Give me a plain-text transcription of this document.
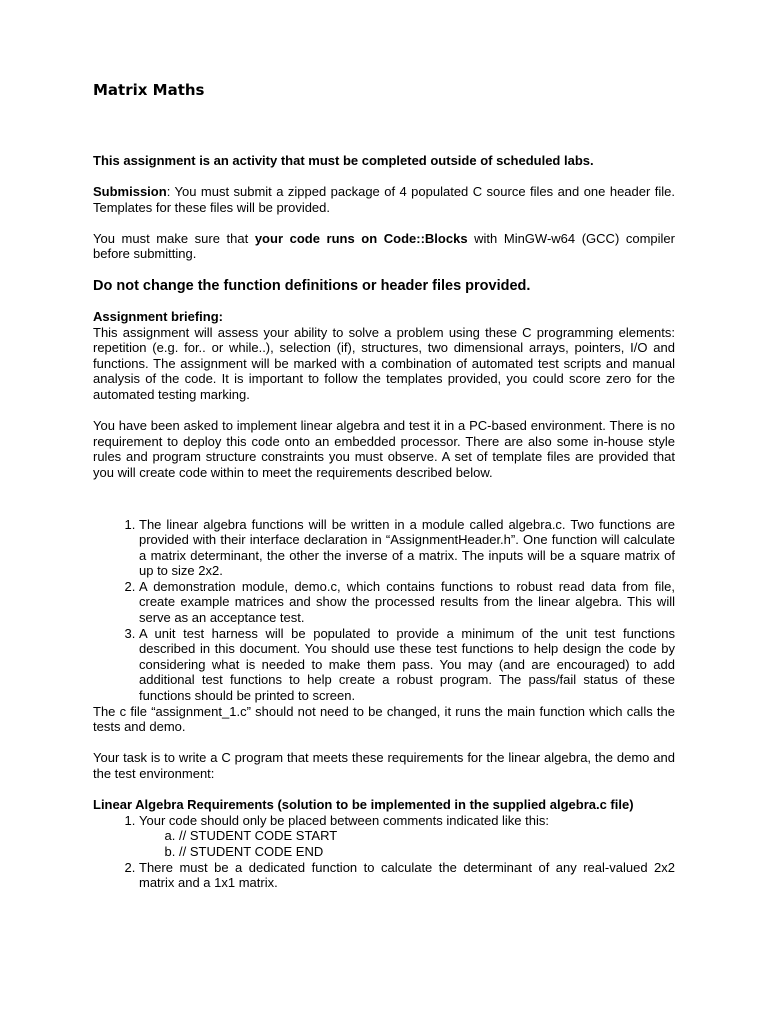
Matrix Maths

This assignment is an activity that must be completed outside of scheduled labs.

Submission: You must submit a zipped package of 4 populated C source files and one header file. Templates for these files will be provided.

You must make sure that your code runs on Code::Blocks with MinGW-w64 (GCC) compiler before submitting.

Do not change the function definitions or header files provided.

Assignment briefing:

This assignment will assess your ability to solve a problem using these C programming elements: repetition (e.g. for.. or while..), selection (if), structures, two dimensional arrays, pointers, I/O and functions. The assignment will be marked with a combination of automated test scripts and manual analysis of the code. It is important to follow the templates provided, you could score zero for the automated testing marking.

You have been asked to implement linear algebra and test it in a PC-based environment. There is no requirement to deploy this code onto an embedded processor. There are also some in-house style rules and program structure constraints you must observe. A set of template files are provided that you will create code within to meet the requirements described below.

1. The linear algebra functions will be written in a module called algebra.c. Two functions are provided with their interface declaration in “AssignmentHeader.h”. One function will calculate a matrix determinant, the other the inverse of a matrix. The inputs will be a square matrix of up to size 2x2.
2. A demonstration module, demo.c, which contains functions to robust read data from file, create example matrices and show the processed results from the linear algebra. This will serve as an acceptance test.
3. A unit test harness will be populated to provide a minimum of the unit test functions described in this document. You should use these test functions to help design the code by considering what is needed to make them pass. You may (and are encouraged) to add additional test functions to help create a robust program. The pass/fail status of these functions should be printed to screen.

The c file “assignment_1.c” should not need to be changed, it runs the main function which calls the tests and demo.

Your task is to write a C program that meets these requirements for the linear algebra, the demo and the test environment:

Linear Algebra Requirements (solution to be implemented in the supplied algebra.c file)

1. Your code should only be placed between comments indicated like this:
a. // STUDENT CODE START
b. // STUDENT CODE END
2. There must be a dedicated function to calculate the determinant of any real-valued 2x2 matrix and a 1x1 matrix.
